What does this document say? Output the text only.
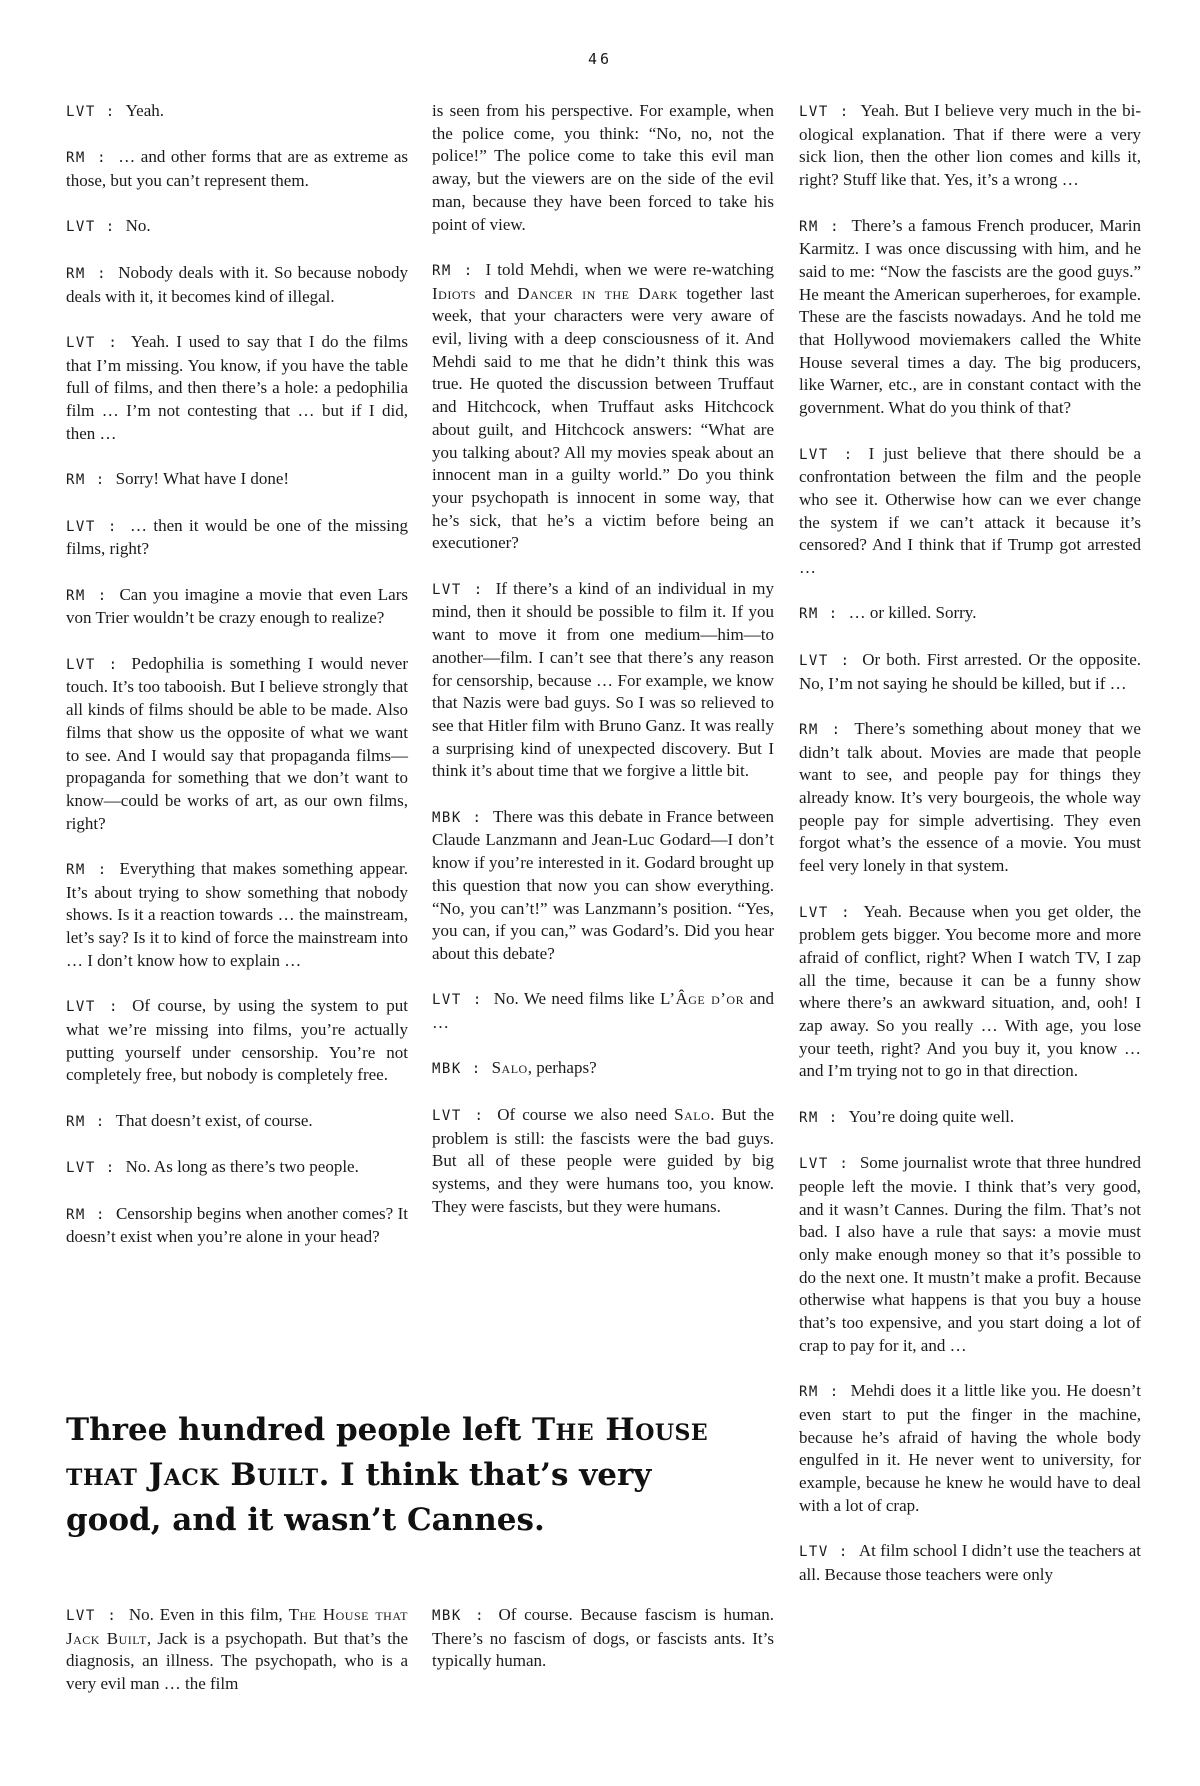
46

LVT : Yeah.

RM : … and other forms that are as extreme as those, but you can’t represent them.

LVT : No.

RM : Nobody deals with it. So because nobody deals with it, it becomes kind of illegal.

LVT : Yeah. I used to say that I do the films that I’m missing. You know, if you have the table full of films, and then there’s a hole: a pedophilia film … I’m not contesting that … but if I did, then …

RM : Sorry! What have I done!

LVT : … then it would be one of the missing films, right?

RM : Can you imagine a movie that even Lars von Trier wouldn’t be crazy enough to realize?

LVT : Pedophilia is something I would never touch. It’s too tabooish. But I believe strongly that all kinds of films should be able to be made. Also films that show us the opposite of what we want to see. And I would say that propaganda films—propaganda for something that we don’t want to know—could be works of art, as our own films, right?

RM : Everything that makes something appear. It’s about trying to show something that nobody shows. Is it a reaction towards … the mainstream, let’s say? Is it to kind of force the mainstream into … I don’t know how to explain …

LVT : Of course, by using the system to put what we’re missing into films, you’re actually putting yourself under censorship. You’re not completely free, but nobody is completely free.

RM : That doesn’t exist, of course.

LVT : No. As long as there’s two people.

RM : Censorship begins when another comes? It doesn’t exist when you’re alone in your head?

is seen from his perspective. For example, when the police come, you think: “No, no, not the police!” The police come to take this evil man away, but the viewers are on the side of the evil man, because they have been forced to take his point of view.

RM : I told Mehdi, when we were re-watching Idiots and Dancer in the Dark together last week, that your characters were very aware of evil, living with a deep consciousness of it. And Mehdi said to me that he didn’t think this was true. He quoted the discussion between Truffaut and Hitchcock, when Truffaut asks Hitchcock about guilt, and Hitchcock answers: “What are you talking about? All my movies speak about an innocent man in a guilty world.” Do you think your psychopath is innocent in some way, that he’s sick, that he’s a victim before being an executioner?

LVT : If there’s a kind of an individual in my mind, then it should be possible to film it. If you want to move it from one medium—him—to another—film. I can’t see that there’s any reason for censorship, because … For example, we know that Nazis were bad guys. So I was so relieved to see that Hitler film with Bruno Ganz. It was really a surprising kind of unexpected discovery. But I think it’s about time that we forgive a little bit.

MBK : There was this debate in France between Claude Lanzmann and Jean-Luc Godard—I don’t know if you’re interested in it. Godard brought up this question that now you can show everything. “No, you can’t!” was Lanzmann’s position. “Yes, you can, if you can,” was Godard’s. Did you hear about this debate?

LVT : No. We need films like L’Âge d’or and …

MBK : Salo, perhaps?

LVT : Of course we also need Salo. But the problem is still: the fascists were the bad guys. But all of these people were guided by big systems, and they were humans too, you know. They were fascists, but they were humans.

LVT : Yeah. But I believe very much in the biological explanation. That if there were a very sick lion, then the other lion comes and kills it, right? Stuff like that. Yes, it’s a wrong …

RM : There’s a famous French producer, Marin Karmitz. I was once discussing with him, and he said to me: “Now the fascists are the good guys.” He meant the American superheroes, for example. These are the fascists nowadays. And he told me that Hollywood moviemakers called the White House several times a day. The big producers, like Warner, etc., are in constant contact with the government. What do you think of that?

LVT : I just believe that there should be a confrontation between the film and the people who see it. Otherwise how can we ever change the system if we can’t attack it because it’s censored? And I think that if Trump got arrested …

RM : … or killed. Sorry.

LVT : Or both. First arrested. Or the opposite. No, I’m not saying he should be killed, but if …

RM : There’s something about money that we didn’t talk about. Movies are made that people want to see, and people pay for things they already know. It’s very bourgeois, the whole way people pay for simple advertising. They even forgot what’s the essence of a movie. You must feel very lonely in that system.

LVT : Yeah. Because when you get older, the problem gets bigger. You become more and more afraid of conflict, right? When I watch TV, I zap all the time, because it can be a funny show where there’s an awkward situation, and, ooh! I zap away. So you really … With age, you lose your teeth, right? And you buy it, you know … and I’m trying not to go in that direction.

RM : You’re doing quite well.

LVT : Some journalist wrote that three hundred people left the movie. I think that’s very good, and it wasn’t Cannes. During the film. That’s not bad. I also have a rule that says: a movie must only make enough money so that it’s possible to do the next one. It mustn’t make a profit. Because otherwise what happens is that you buy a house that’s too expensive, and you start doing a lot of crap to pay for it, and …

RM : Mehdi does it a little like you. He doesn’t even start to put the finger in the machine, because he’s afraid of having the whole body engulfed in it. He never went to university, for example, because he knew he would have to deal with a lot of crap.

LTV : At film school I didn’t use the teachers at all. Because those teachers were only

Three hundred people left The House that Jack Built. I think that’s very good, and it wasn’t Cannes.

LVT : No. Even in this film, The House that Jack Built, Jack is a psychopath. But that’s the diagnosis, an illness. The psychopath, who is a very evil man … the film

MBK : Of course. Because fascism is human. There’s no fascism of dogs, or fascists ants. It’s typically human.
